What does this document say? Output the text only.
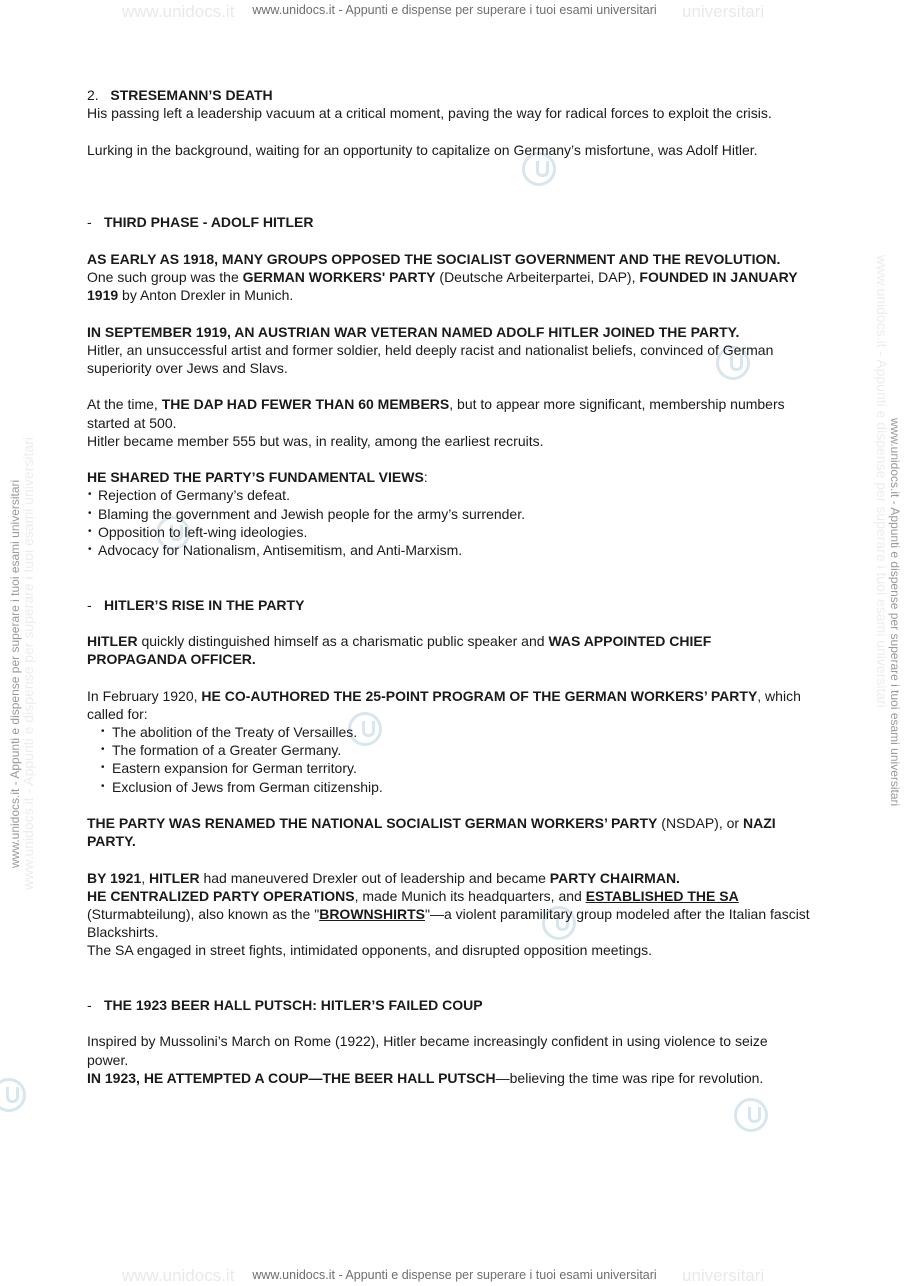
www.unidocs.it	universitari
www.unidocs.it	universitari
www.unidocs.it - Appunti e dispense per superare i tuoi esami universitari	www.unidocs.it - Appunti e dispense per superare i tuoi esami universitari
www.unidocs.it - Appunti e dispense per superare i tuoi esami universitari
www.unidocs.it - Appunti e dispense per superare i tuoi esami universitari
www.unidocs.it - Appunti e dispense per superare i tuoi esami universitari	www.unidocs.it - Appunti e dispense per superare i tuoi esami universitari

2. STRESEMANN’S DEATH

His passing left a leadership vacuum at a critical moment, paving the way for radical forces to exploit the crisis.

Lurking in the background, waiting for an opportunity to capitalize on Germany’s misfortune, was Adolf Hitler.

- THIRD PHASE - ADOLF HITLER

AS EARLY AS 1918, MANY GROUPS OPPOSED THE SOCIALIST GOVERNMENT AND THE REVOLUTION.

One such group was the GERMAN WORKERS' PARTY (Deutsche Arbeiterpartei, DAP), FOUNDED IN JANUARY 1919 by Anton Drexler in Munich.

IN SEPTEMBER 1919, AN AUSTRIAN WAR VETERAN NAMED ADOLF HITLER JOINED THE PARTY.

Hitler, an unsuccessful artist and former soldier, held deeply racist and nationalist beliefs, convinced of German superiority over Jews and Slavs.

At the time, THE DAP HAD FEWER THAN 60 MEMBERS, but to appear more significant, membership numbers started at 500.

Hitler became member 555 but was, in reality, among the earliest recruits.

HE SHARED THE PARTY’S FUNDAMENTAL VIEWS:

• Rejection of Germany’s defeat.
• Blaming the government and Jewish people for the army’s surrender.
• Opposition to left-wing ideologies.
• Advocacy for Nationalism, Antisemitism, and Anti-Marxism.

- HITLER’S RISE IN THE PARTY

HITLER quickly distinguished himself as a charismatic public speaker and WAS APPOINTED CHIEF PROPAGANDA OFFICER.

In February 1920, HE CO-AUTHORED THE 25-POINT PROGRAM OF THE GERMAN WORKERS’ PARTY, which called for:

• The abolition of the Treaty of Versailles.
• The formation of a Greater Germany.
• Eastern expansion for German territory.
• Exclusion of Jews from German citizenship.

THE PARTY WAS RENAMED THE NATIONAL SOCIALIST GERMAN WORKERS’ PARTY (NSDAP), or NAZI PARTY.

BY 1921, HITLER had maneuvered Drexler out of leadership and became PARTY CHAIRMAN.

HE CENTRALIZED PARTY OPERATIONS, made Munich its headquarters, and ESTABLISHED THE SA (Sturmabteilung), also known as the "BROWNSHIRTS"—a violent paramilitary group modeled after the Italian fascist Blackshirts.

The SA engaged in street fights, intimidated opponents, and disrupted opposition meetings.

- THE 1923 BEER HALL PUTSCH: HITLER’S FAILED COUP

Inspired by Mussolini’s March on Rome (1922), Hitler became increasingly confident in using violence to seize power.

IN 1923, HE ATTEMPTED A COUP—THE BEER HALL PUTSCH—believing the time was ripe for revolution.
